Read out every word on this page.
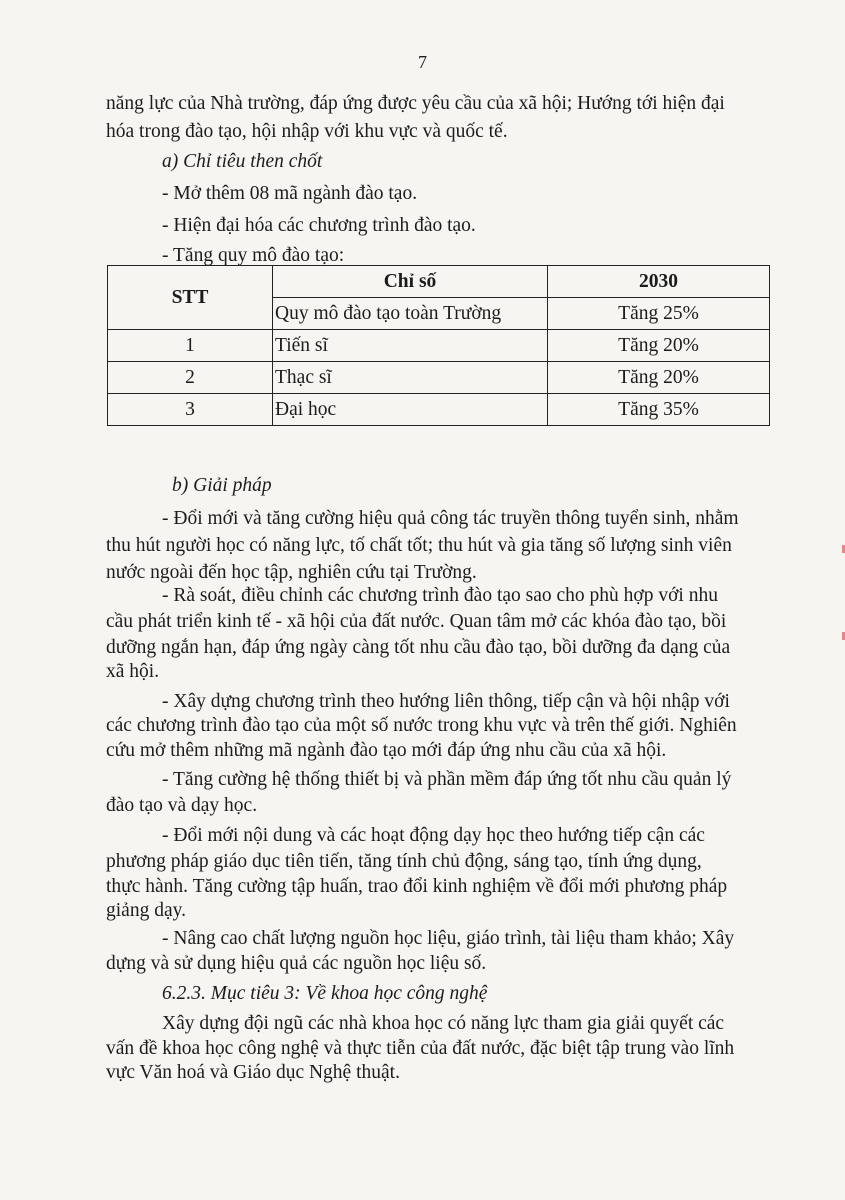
7
năng lực của Nhà trường, đáp ứng được yêu cầu của xã hội; Hướng tới hiện đại
hóa trong đào tạo, hội nhập với khu vực và quốc tế.
a) Chỉ tiêu then chốt
- Mở thêm 08 mã ngành đào tạo.
- Hiện đại hóa các chương trình đào tạo.
- Tăng quy mô đào tạo:
STT	Chỉ số	2030
	Quy mô đào tạo toàn Trường	Tăng 25%
1	Tiến sĩ	Tăng 20%
2	Thạc sĩ	Tăng 20%
3	Đại học	Tăng 35%
b) Giải pháp
- Đổi mới và tăng cường hiệu quả công tác truyền thông tuyển sinh, nhằm
thu hút người học có năng lực, tố chất tốt; thu hút và gia tăng số lượng sinh viên
nước ngoài đến học tập, nghiên cứu tại Trường.
- Rà soát, điều chỉnh các chương trình đào tạo sao cho phù hợp với nhu
cầu phát triển kinh tế - xã hội của đất nước. Quan tâm mở các khóa đào tạo, bồi
dưỡng ngắn hạn, đáp ứng ngày càng tốt nhu cầu đào tạo, bồi dưỡng đa dạng của
xã hội.
- Xây dựng chương trình theo hướng liên thông, tiếp cận và hội nhập với
các chương trình đào tạo của một số nước trong khu vực và trên thế giới. Nghiên
cứu mở thêm những mã ngành đào tạo mới đáp ứng nhu cầu của xã hội.
- Tăng cường hệ thống thiết bị và phần mềm đáp ứng tốt nhu cầu quản lý
đào tạo và dạy học.
- Đổi mới nội dung và các hoạt động dạy học theo hướng tiếp cận các
phương pháp giáo dục tiên tiến, tăng tính chủ động, sáng tạo, tính ứng dụng,
thực hành. Tăng cường tập huấn, trao đổi kinh nghiệm về đổi mới phương pháp
giảng dạy.
- Nâng cao chất lượng nguồn học liệu, giáo trình, tài liệu tham khảo; Xây
dựng và sử dụng hiệu quả các nguồn học liệu số.
6.2.3. Mục tiêu 3: Về khoa học công nghệ
Xây dựng đội ngũ các nhà khoa học có năng lực tham gia giải quyết các
vấn đề khoa học công nghệ và thực tiễn của đất nước, đặc biệt tập trung vào lĩnh
vực Văn hoá và Giáo dục Nghệ thuật.
